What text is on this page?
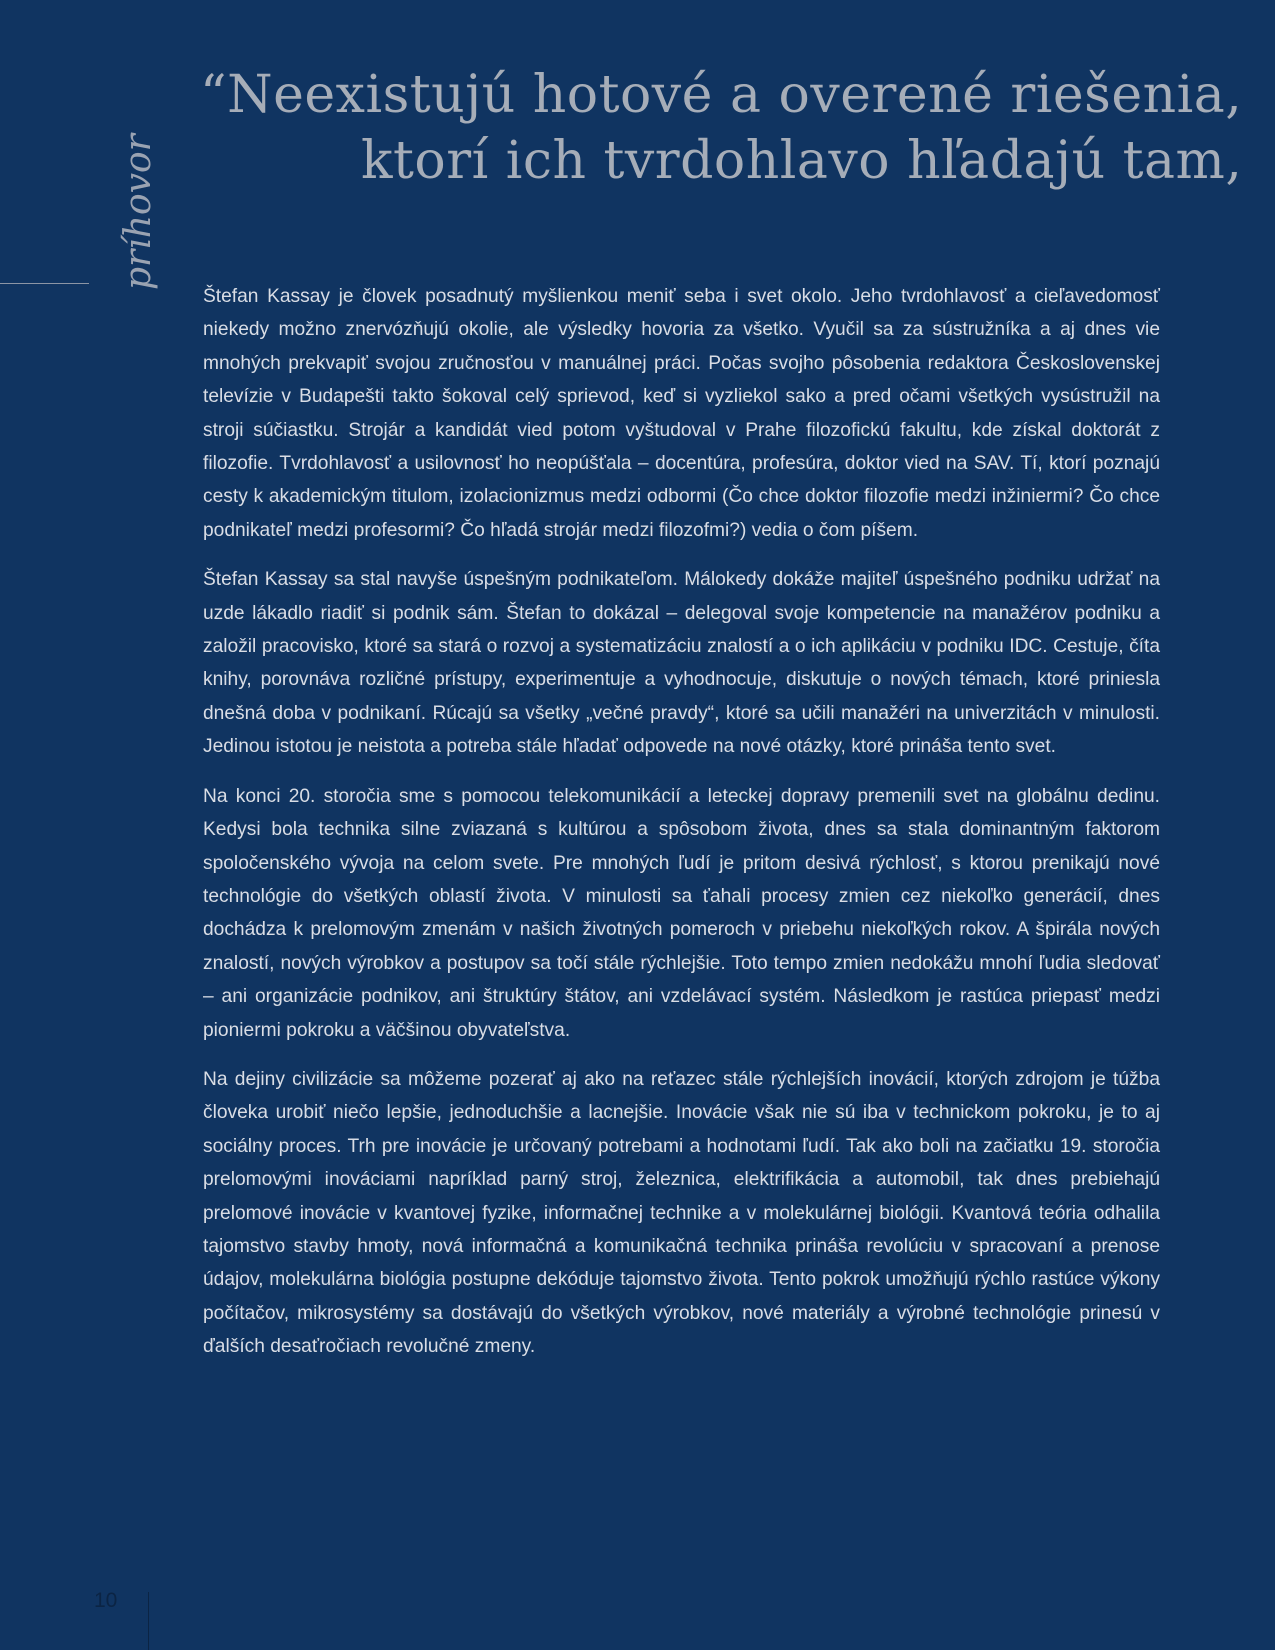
“Neexistujú hotové a overené riešenia,
ktorí ich tvrdohlavo hľadajú tam,
príhovor

Štefan Kassay je človek posadnutý myšlienkou meniť seba i svet okolo. Jeho tvrdohlavosť a cieľavedomosť niekedy možno znervózňujú okolie, ale výsledky hovoria za všetko. Vyučil sa za sústružníka a aj dnes vie mnohých prekvapiť svojou zručnosťou v manuálnej práci. Počas svojho pôsobenia redaktora Československej televízie v Budapešti takto šokoval celý sprievod, keď si vyzliekol sako a pred očami všetkých vysústružil na stroji súčiastku. Strojár a kandidát vied potom vyštudoval v Prahe filozofickú fakultu, kde získal doktorát z filozofie. Tvrdohlavosť a usilovnosť ho neopúšťala – docentúra, profesúra, doktor vied na SAV. Tí, ktorí poznajú cesty k akademickým titulom, izolacionizmus medzi odbormi (Čo chce doktor filozofie medzi inžiniermi? Čo chce podnikateľ medzi profesormi? Čo hľadá strojár medzi filozofmi?) vedia o čom píšem.

Štefan Kassay sa stal navyše úspešným podnikateľom. Málokedy dokáže majiteľ úspešného podniku udržať na uzde lákadlo riadiť si podnik sám. Štefan to dokázal – delegoval svoje kompetencie na manažérov podniku a založil pracovisko, ktoré sa stará o rozvoj a systematizáciu znalostí a o ich aplikáciu v podniku IDC. Cestuje, číta knihy, porovnáva rozličné prístupy, experimentuje a vyhodnocuje, diskutuje o nových témach, ktoré priniesla dnešná doba v podnikaní. Rúcajú sa všetky „večné pravdy“, ktoré sa učili manažéri na univerzitách v minulosti. Jedinou istotou je neistota a potreba stále hľadať odpovede na nové otázky, ktoré prináša tento svet.

Na konci 20. storočia sme s pomocou telekomunikácií a leteckej dopravy premenili svet na globálnu dedinu. Kedysi bola technika silne zviazaná s kultúrou a spôsobom života, dnes sa stala dominantným faktorom spoločenského vývoja na celom svete. Pre mnohých ľudí je pritom desivá rýchlosť, s ktorou prenikajú nové technológie do všetkých oblastí života. V minulosti sa ťahali procesy zmien cez niekoľko generácií, dnes dochádza k prelomovým zmenám v našich životných pomeroch v priebehu niekoľkých rokov. A špirála nových znalostí, nových výrobkov a postupov sa točí stále rýchlejšie. Toto tempo zmien nedokážu mnohí ľudia sledovať – ani organizácie podnikov, ani štruktúry štátov, ani vzdelávací systém. Následkom je rastúca priepasť medzi pioniermi pokroku a väčšinou obyvateľstva.

Na dejiny civilizácie sa môžeme pozerať aj ako na reťazec stále rýchlejších inovácií, ktorých zdrojom je túžba človeka urobiť niečo lepšie, jednoduchšie a lacnejšie. Inovácie však nie sú iba v technickom pokroku, je to aj sociálny proces. Trh pre inovácie je určovaný potrebami a hodnotami ľudí. Tak ako boli na začiatku 19. storočia prelomovými inováciami napríklad parný stroj, železnica, elektrifikácia a automobil, tak dnes prebiehajú prelomové inovácie v kvantovej fyzike, informačnej technike a v molekulárnej biológii. Kvantová teória odhalila tajomstvo stavby hmoty, nová informačná a komunikačná technika prináša revolúciu v spracovaní a prenose údajov, molekulárna biológia postupne dekóduje tajomstvo života. Tento pokrok umožňujú rýchlo rastúce výkony počítačov, mikrosystémy sa dostávajú do všetkých výrobkov, nové materiály a výrobné technológie prinesú v ďalších desaťročiach revolučné zmeny.

10
